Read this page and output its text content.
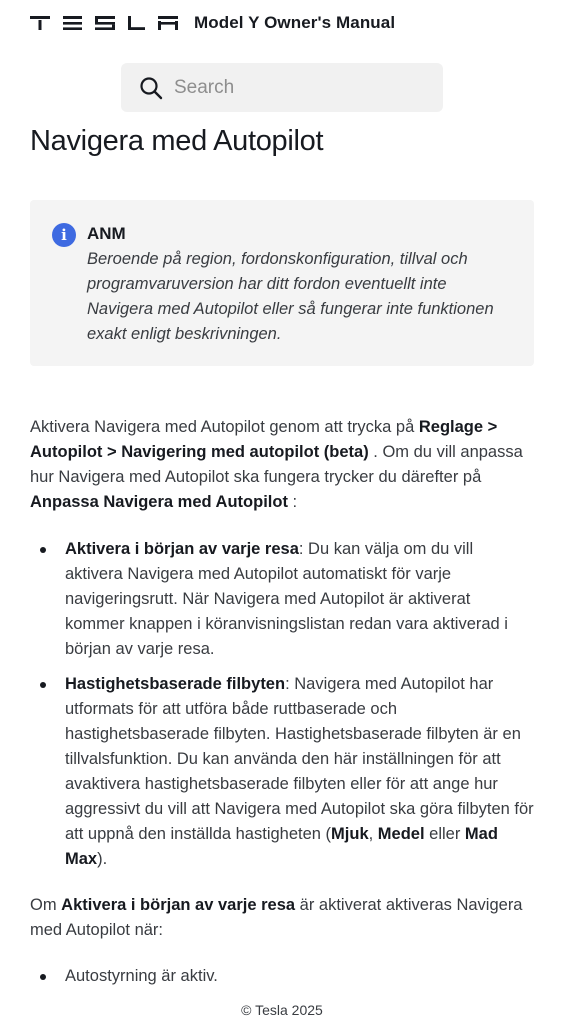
Model Y Owner's Manual
Search
Navigera med Autopilot
i	ANM
Beroende på region, fordonskonfiguration, tillval och programvaruversion har ditt fordon eventuellt inte Navigera med Autopilot eller så fungerar inte funktionen exakt enligt beskrivningen.

Aktivera Navigera med Autopilot genom att trycka på Reglage > Autopilot > Navigering med autopilot (beta) . Om du vill anpassa hur Navigera med Autopilot ska fungera trycker du därefter på Anpassa Navigera med Autopilot :

Aktivera i början av varje resa: Du kan välja om du vill aktivera Navigera med Autopilot automatiskt för varje navigeringsrutt. När Navigera med Autopilot är aktiverat kommer knappen i köranvisningslistan redan vara aktiverad i början av varje resa.
Hastighetsbaserade filbyten: Navigera med Autopilot har utformats för att utföra både ruttbaserade och hastighetsbaserade filbyten. Hastighetsbaserade filbyten är en tillvalsfunktion. Du kan använda den här inställningen för att avaktivera hastighetsbaserade filbyten eller för att ange hur aggressivt du vill att Navigera med Autopilot ska göra filbyten för att uppnå den inställda hastigheten (Mjuk, Medel eller Mad Max).

Om Aktivera i början av varje resa är aktiverat aktiveras Navigera med Autopilot när:

Autostyrning är aktiv.
© Tesla 2025
